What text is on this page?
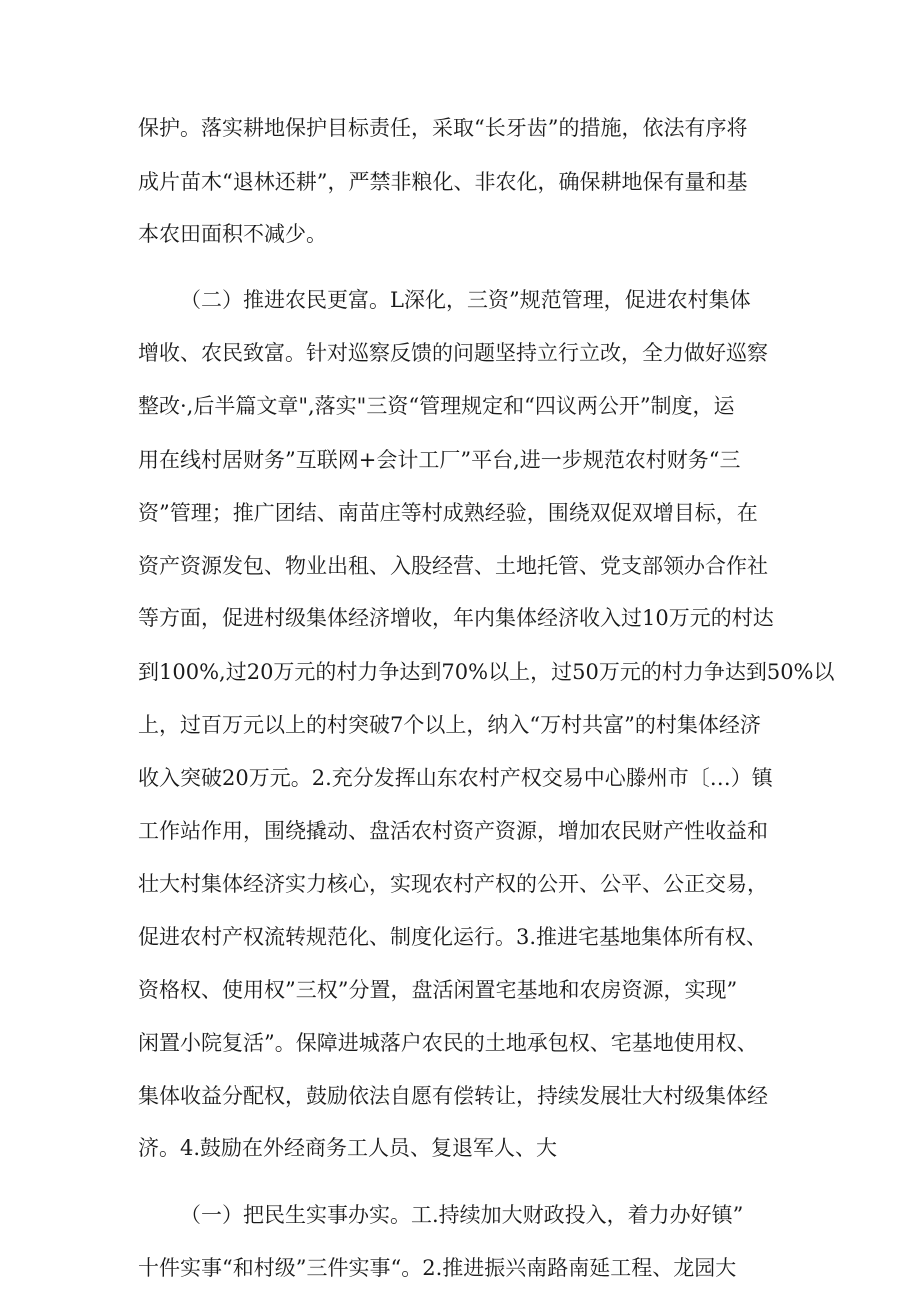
保护。落实耕地保护目标责任，采取“长牙齿”的措施，依法有序将
成片苗木“退林还耕”，严禁非粮化、非农化，确保耕地保有量和基
本农田面积不减少。
（二）推进农民更富。L深化，三资”规范管理，促进农村集体
增收、农民致富。针对巡察反馈的问题坚持立行立改，全力做好巡察
整改·,后半篇文章",落实"三资“管理规定和“四议两公开”制度，运
用在线村居财务”互联网+会计工厂”平台,进一步规范农村财务“三
资”管理；推广团结、南苗庄等村成熟经验，围绕双促双增目标，在
资产资源发包、物业出租、入股经营、土地托管、党支部领办合作社
等方面，促进村级集体经济增收，年内集体经济收入过10万元的村达
到100%,过20万元的村力争达到70%以上，过50万元的村力争达到50%以
上，过百万元以上的村突破7个以上，纳入“万村共富”的村集体经济
收入突破20万元。2.充分发挥山东农村产权交易中心滕州市〔…）镇
工作站作用，围绕撬动、盘活农村资产资源，增加农民财产性收益和
壮大村集体经济实力核心，实现农村产权的公开、公平、公正交易，
促进农村产权流转规范化、制度化运行。3.推进宅基地集体所有权、
资格权、使用权”三权”分置，盘活闲置宅基地和农房资源，实现”
闲置小院复活”。保障进城落户农民的土地承包权、宅基地使用权、
集体收益分配权，鼓励依法自愿有偿转让，持续发展壮大村级集体经
济。4.鼓励在外经商务工人员、复退军人、大
（一）把民生实事办实。工.持续加大财政投入，着力办好镇”
十件实事“和村级”三件实事“。2.推进振兴南路南延工程、龙园大
